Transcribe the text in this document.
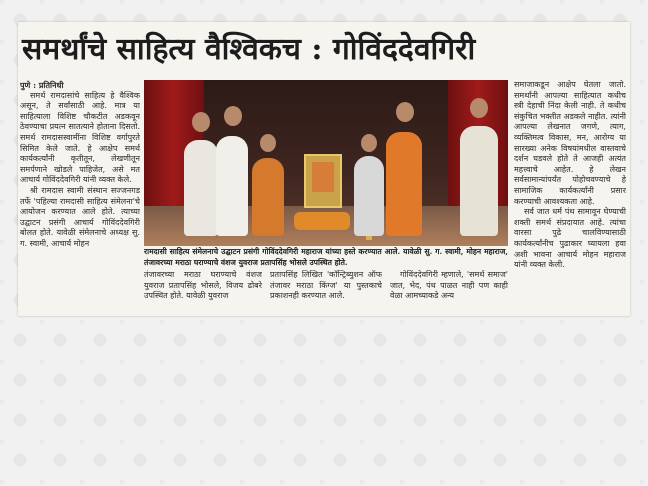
समर्थांचे साहित्य वैश्विकच : गोविंददेवगिरी
पुणे : प्रतिनिधी

समर्थ रामदासांचे साहित्य हे वैश्विक असून, ते सर्वांसाठी आहे. मात्र या साहित्याला विशिष्ट चौकटीत अडकवून ठेवण्याचा प्रयत्न सातत्याने होताना दिसतो. समर्थ रामदासस्वामींना विशिष्ट वर्गापुरते सिमित केले जाते. हे आक्षेप समर्थ कार्यकर्त्यांनी कृतीतून, लेखणीतून समर्पणाने खोडले पाहिजेत, असे मत आचार्य गोविंददेवगिरी यांनी व्यक्त केले.

श्री रामदास स्वामी संस्थान सज्जनगड तर्फे 'पहिल्या रामदासी साहित्य संमेलना'चे आयोजन करण्यात आले होते. त्याच्या उद्घाटन प्रसंगी आचार्य गोविंददेवगिरी बोलत होते. यावेळी संमेलनाचे अध्यक्ष सु. ग. स्वामी, आचार्य मोहन

रामदासी साहित्य संमेलनाचे उद्घाटन प्रसंगी गोविंददेवगिरी महाराज यांच्या हस्ते करण्यात आले. यावेळी सु. ग. स्वामी, मोहन महाराज, तंजावरच्या मराठा घराण्याचे वंशज युवराज प्रतापसिंह भोसले उपस्थित होते.

तंजावरच्या मराठा घराण्याचे वंशज युवराज प्रतापसिंह भोसले, विजय ढोबरे उपस्थित होते. यावेळी युवराज

प्रतापसिंह लिखित 'कॉन्ट्रिब्युशन ऑफ तंजावर मराठा किंग्ज' या पुस्तकाचे प्रकाशनही करण्यात आले.

गोविंददेवगिरी म्हणाले, 'समर्थ समाज' जात, भेद, पंथ पाळत नाही पण काही वेळा आमच्याकडे अन्य

समाजाकडून आक्षेप घेतला जातो. समर्थांनी आपल्या साहित्यात कधीच स्त्री देहाची निंदा केली नाही. ते कधीच संकुचित भक्तीत अडकले नाहीत. त्यांनी आपल्या लेखनात जगणे, त्याग, व्यक्तिमत्व विकास, मन, आरोग्य या सारख्या अनेक विषयांमधील वास्तवाचे दर्शन घडवले होते ते आजही अत्यंत महत्त्वाचे आहेत. हे लेखन सर्वसामान्यांपर्यंत पोहोचवण्याचे हे सामाजिक कार्यकर्त्यांनी प्रसार करण्याची आवश्यकता आहे.

सर्व जात धर्म पंथ सामावून घेण्याची शक्ती समर्थ संप्रदायात आहे. त्यांचा वारसा पुढे चालविण्यासाठी कार्यकर्त्यांनीच पुढाकार घ्यायला हवा अशी भावना आचार्य मोहन महाराज यांनी व्यक्त केली.
